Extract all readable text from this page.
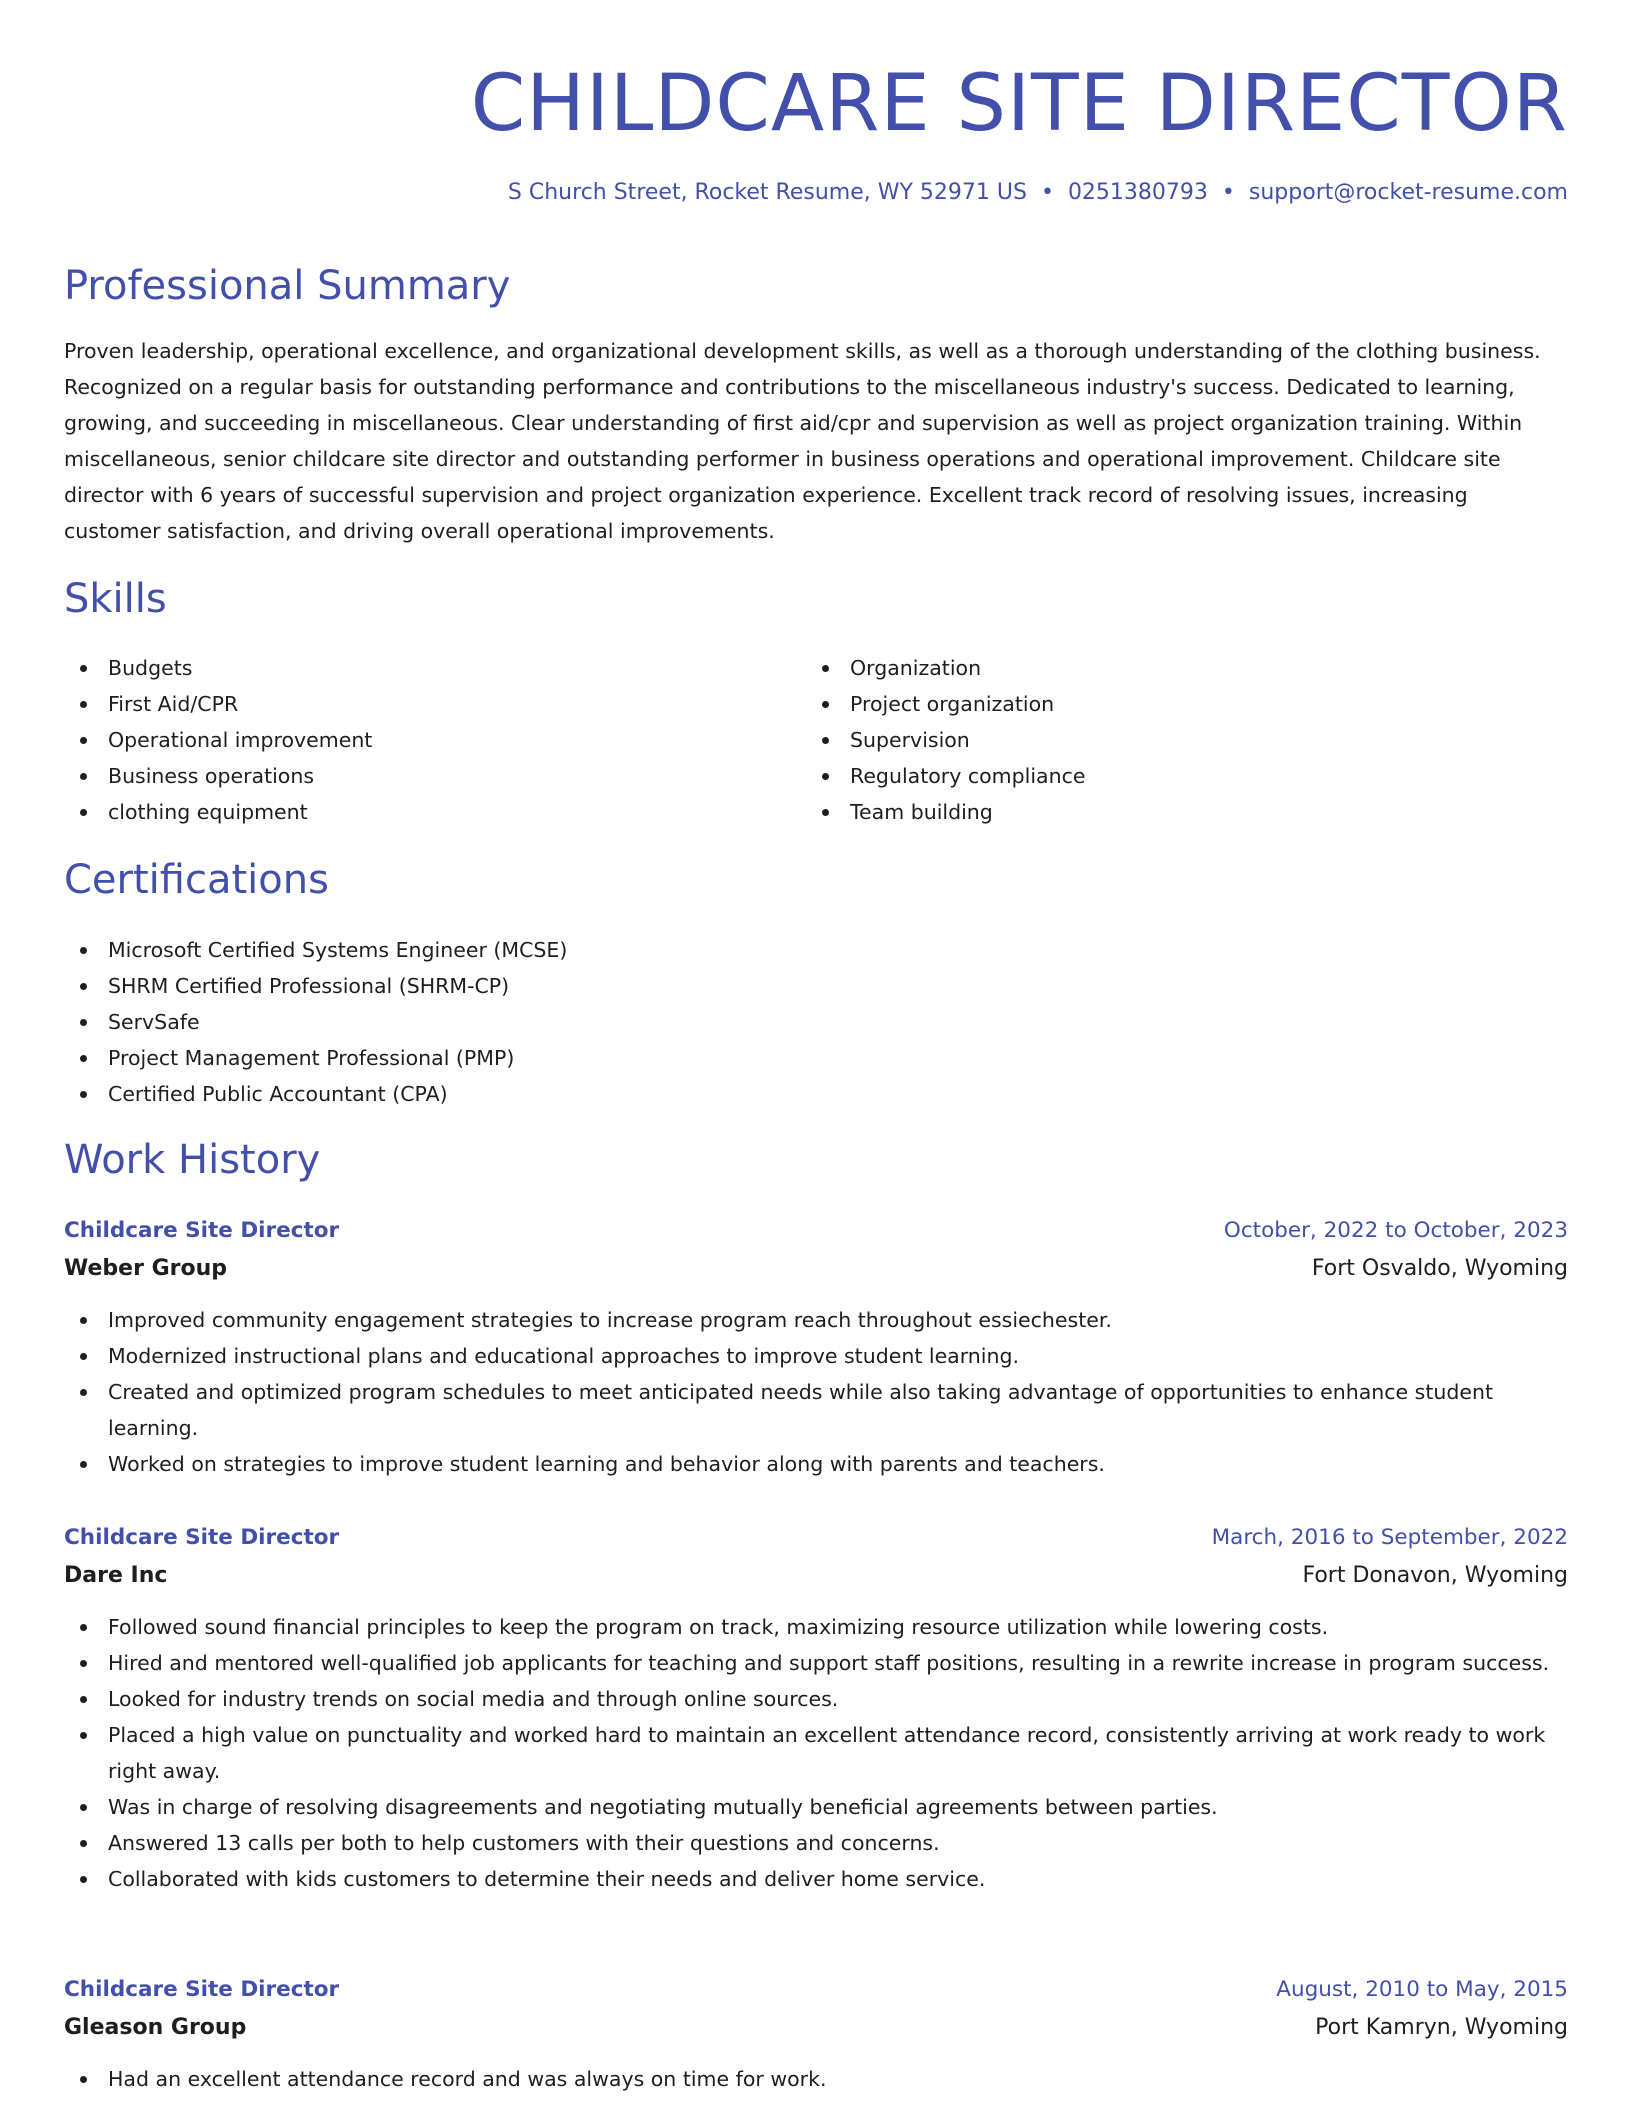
CHILDCARE SITE DIRECTOR
S Church Street, Rocket Resume, WY 52971 US • 0251380793 • support@rocket-resume.com
Professional Summary

Proven leadership, operational excellence, and organizational development skills, as well as a thorough understanding of the clothing business. Recognized on a regular basis for outstanding performance and contributions to the miscellaneous industry's success. Dedicated to learning, growing, and succeeding in miscellaneous. Clear understanding of first aid/cpr and supervision as well as project organization training. Within miscellaneous, senior childcare site director and outstanding performer in business operations and operational improvement. Childcare site director with 6 years of successful supervision and project organization experience. Excellent track record of resolving issues, increasing customer satisfaction, and driving overall operational improvements.

Skills
Budgets
First Aid/CPR
Operational improvement
Business operations
clothing equipment
Organization
Project organization
Supervision
Regulatory compliance
Team building
Certifications
Microsoft Certified Systems Engineer (MCSE)
SHRM Certified Professional (SHRM-CP)
ServSafe
Project Management Professional (PMP)
Certified Public Accountant (CPA)
Work History
Childcare Site Director	October, 2022 to October, 2023
Weber Group	Fort Osvaldo, Wyoming
Improved community engagement strategies to increase program reach throughout essiechester.
Modernized instructional plans and educational approaches to improve student learning.
Created and optimized program schedules to meet anticipated needs while also taking advantage of opportunities to enhance student learning.
Worked on strategies to improve student learning and behavior along with parents and teachers.
Childcare Site Director	March, 2016 to September, 2022
Dare Inc	Fort Donavon, Wyoming
Followed sound financial principles to keep the program on track, maximizing resource utilization while lowering costs.
Hired and mentored well-qualified job applicants for teaching and support staff positions, resulting in a rewrite increase in program success.
Looked for industry trends on social media and through online sources.
Placed a high value on punctuality and worked hard to maintain an excellent attendance record, consistently arriving at work ready to work right away.
Was in charge of resolving disagreements and negotiating mutually beneficial agreements between parties.
Answered 13 calls per both to help customers with their questions and concerns.
Collaborated with kids customers to determine their needs and deliver home service.
Childcare Site Director	August, 2010 to May, 2015
Gleason Group	Port Kamryn, Wyoming
Had an excellent attendance record and was always on time for work.
